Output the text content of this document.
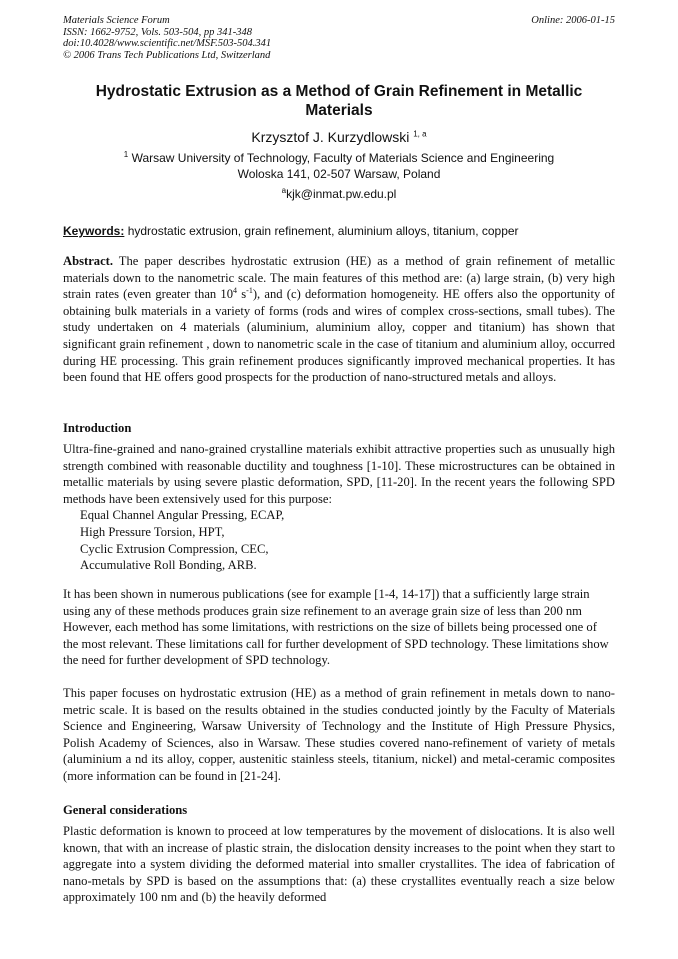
Materials Science Forum
ISSN: 1662-9752, Vols. 503-504, pp 341-348
doi:10.4028/www.scientific.net/MSF.503-504.341
© 2006 Trans Tech Publications Ltd, Switzerland
Online: 2006-01-15
Hydrostatic Extrusion as a Method of Grain Refinement in Metallic Materials
Krzysztof J. Kurzydlowski $^{1, a}$
$^1$ Warsaw University of Technology, Faculty of Materials Science and Engineering
Woloska 141, 02-507 Warsaw, Poland
$^a$kjk@inmat.pw.edu.pl
Keywords: hydrostatic extrusion, grain refinement, aluminium alloys, titanium, copper
Abstract. The paper describes hydrostatic extrusion (HE) as a method of grain refinement of metallic materials down to the nanometric scale. The main features of this method are: (a) large strain, (b) very high strain rates (even greater than $10^4$ $s^{-1}$), and (c) deformation homogeneity. HE offers also the opportunity of obtaining bulk materials in a variety of forms (rods and wires of complex cross-sections, small tubes). The study undertaken on 4 materials (aluminium, aluminium alloy, copper and titanium) has shown that significant grain refinement , down to nanometric scale in the case of titanium and aluminium alloy, occurred during HE processing. This grain refinement produces significantly improved mechanical properties. It has been found that HE offers good prospects for the production of nano-structured metals and alloys.
Introduction
Ultra-fine-grained and nano-grained crystalline materials exhibit attractive properties such as unusually high strength combined with reasonable ductility and toughness [1-10]. These microstructures can be obtained in metallic materials by using severe plastic deformation, SPD, [11-20]. In the recent years the following SPD methods have been extensively used for this purpose:
Equal Channel Angular Pressing, ECAP,
High Pressure Torsion, HPT,
Cyclic Extrusion Compression, CEC,
Accumulative Roll Bonding, ARB.
It has been shown in numerous publications (see for example [1-4, 14-17]) that a sufficiently large strain using any of these methods produces grain size refinement to an average grain size of less than 200 nm However, each method has some limitations, with restrictions on the size of billets being processed one of the most relevant. These limitations call for further development of SPD technology. These limitations show the need for further development of SPD technology.
This paper focuses on hydrostatic extrusion (HE) as a method of grain refinement in metals down to nano-metric scale. It is based on the results obtained in the studies conducted jointly by the Faculty of Materials Science and Engineering, Warsaw University of Technology and the Institute of High Pressure Physics, Polish Academy of Sciences, also in Warsaw. These studies covered nano-refinement of variety of metals (aluminium a nd its alloy, copper, austenitic stainless steels, titanium, nickel) and metal-ceramic composites (more information can be found in [21-24].
General considerations
Plastic deformation is known to proceed at low temperatures by the movement of dislocations. It is also well known, that with an increase of plastic strain, the dislocation density increases to the point when they start to aggregate into a system dividing the deformed material into smaller crystallites. The idea of fabrication of nano-metals by SPD is based on the assumptions that: (a) these crystallites eventually reach a size below approximately 100 nm and (b) the heavily deformed
